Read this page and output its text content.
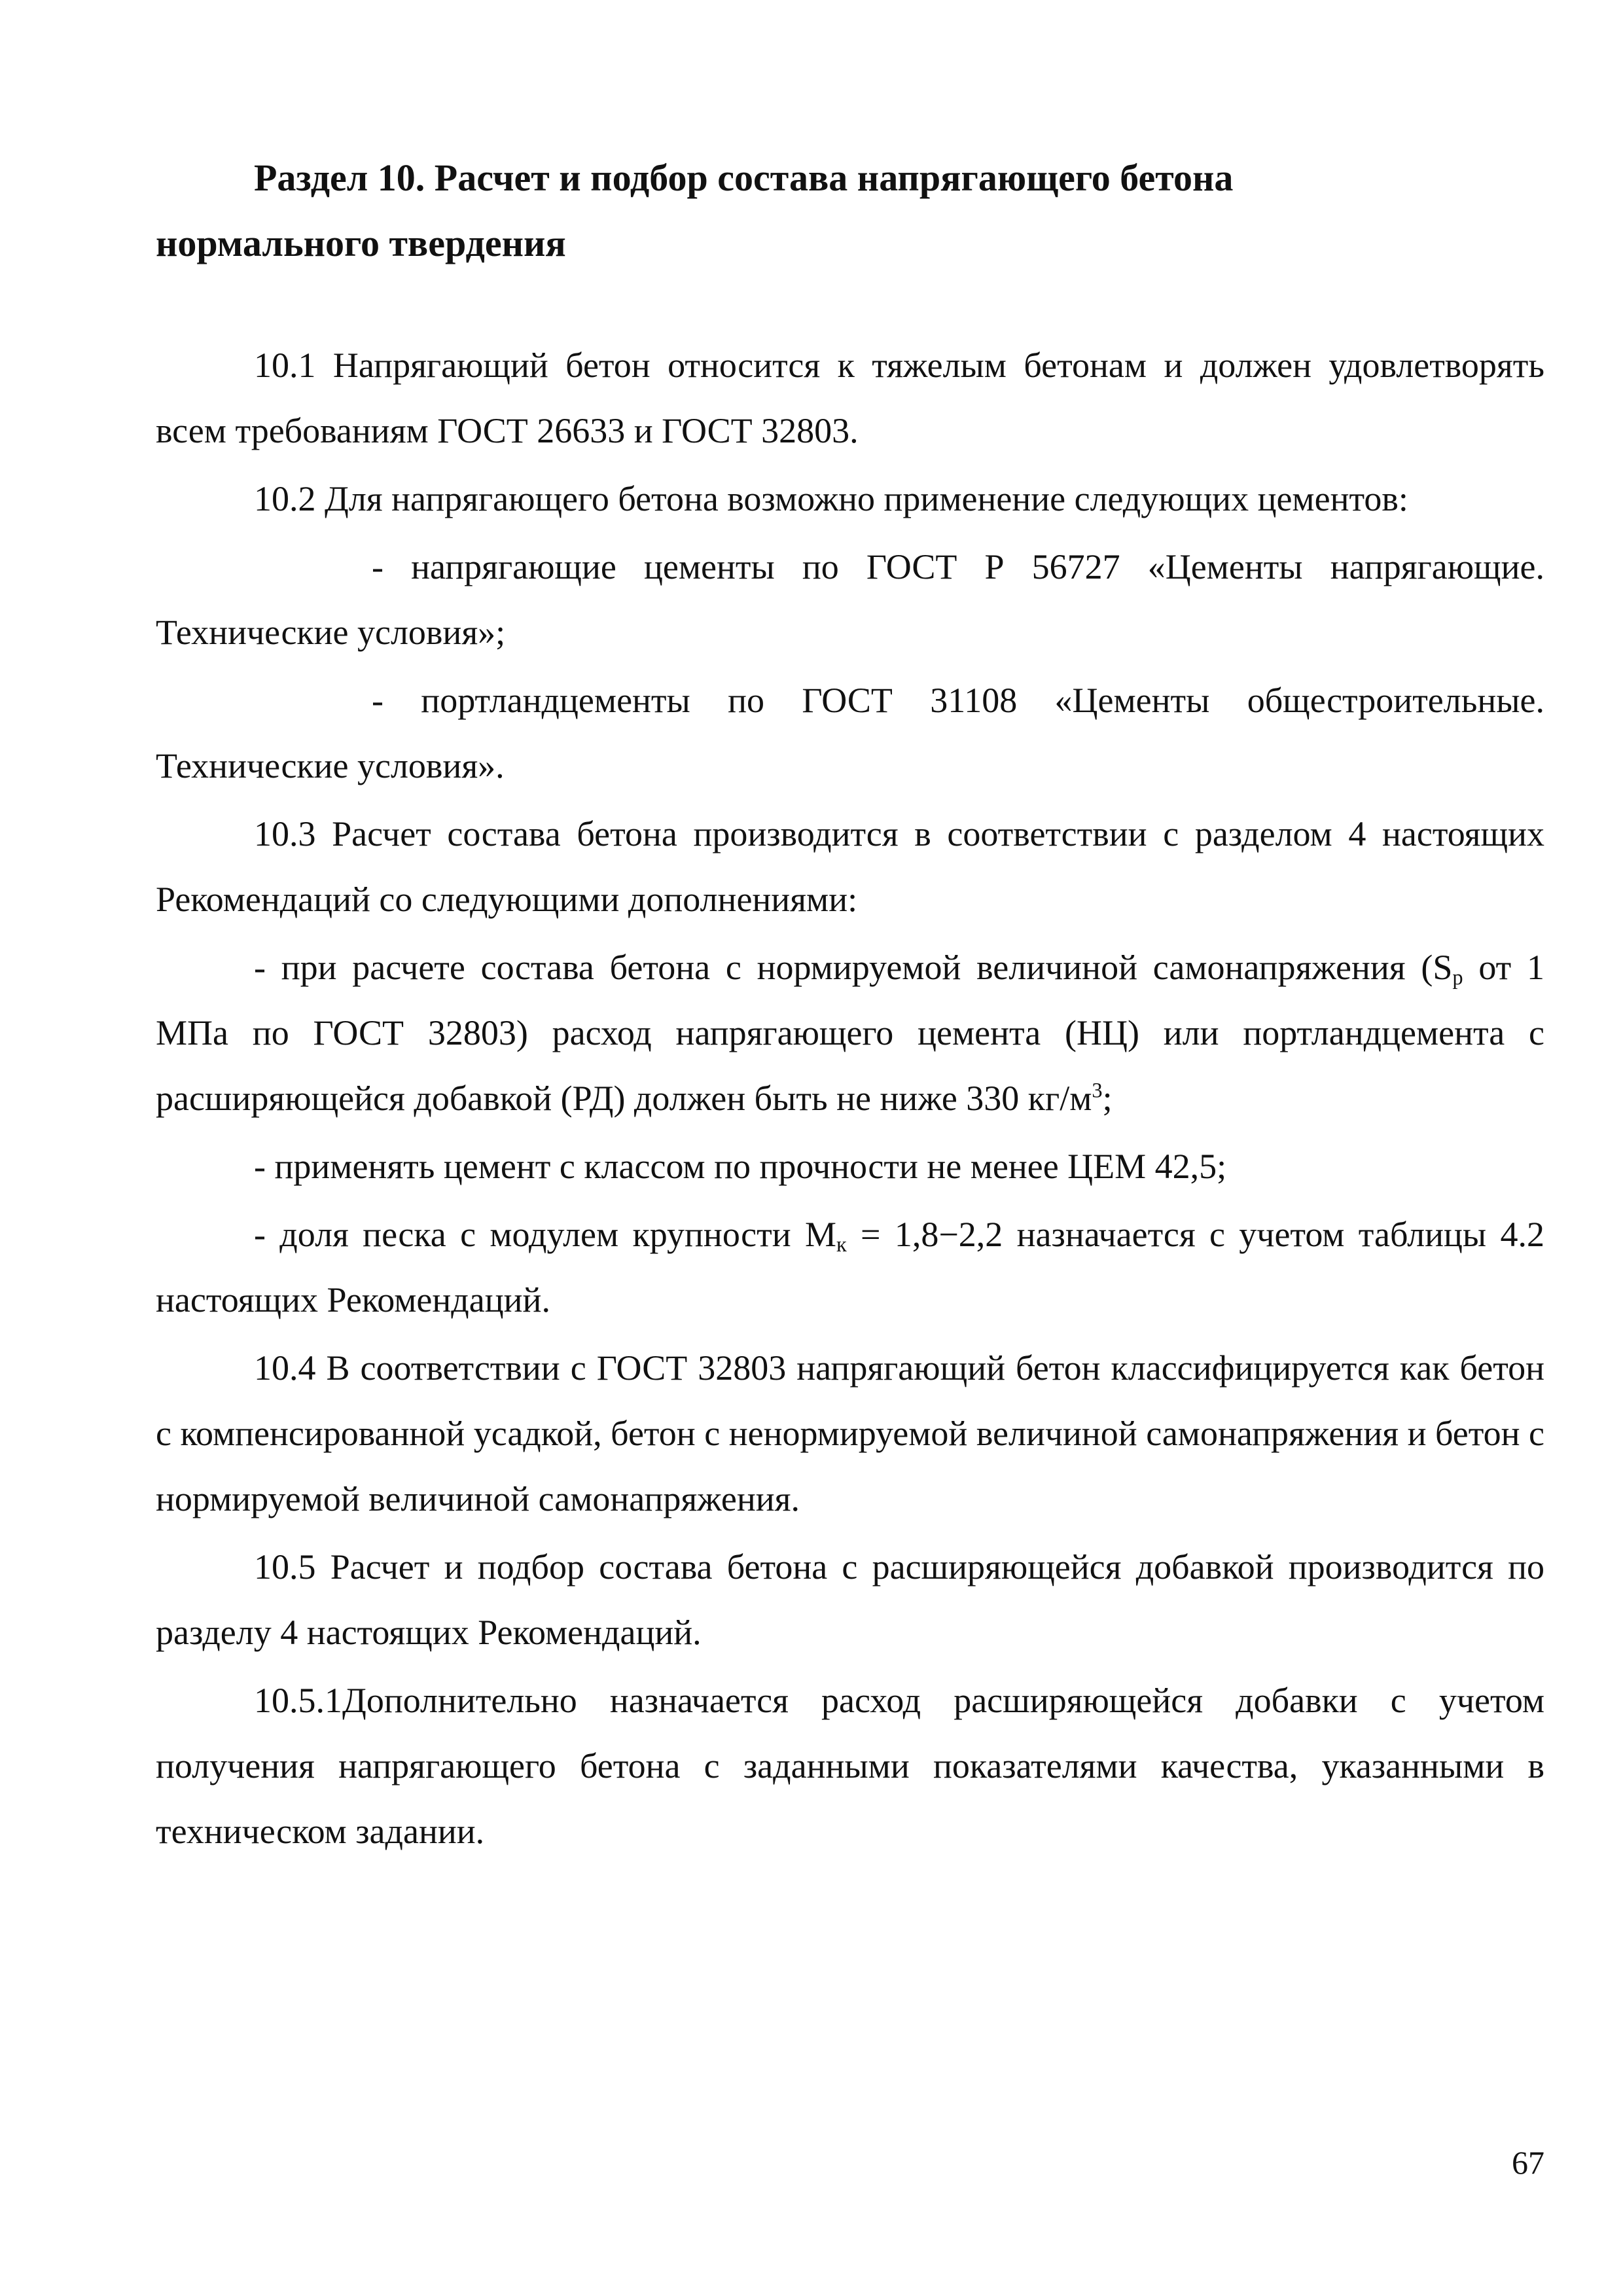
Раздел 10. Расчет и подбор состава напрягающего бетона
нормального твердения

10.1 Напрягающий бетон относится к тяжелым бетонам и должен удовлетворять всем требованиям ГОСТ 26633 и ГОСТ 32803.

10.2 Для напрягающего бетона возможно применение следующих цементов:

- напрягающие цементы по ГОСТ Р 56727 «Цементы напрягающие. Технические условия»;

- портландцементы по ГОСТ 31108 «Цементы общестроительные. Технические условия».

10.3 Расчет состава бетона производится в соответствии с разделом 4 настоящих Рекомендаций со следующими дополнениями:

- при расчете состава бетона с нормируемой величиной самонапряжения ($S_p$ от 1 МПа по ГОСТ 32803) расход напрягающего цемента (НЦ) или портландцемента с расширяющейся добавкой (РД) должен быть не ниже 330 $кг/м^3$;

- применять цемент с классом по прочности не менее ЦЕМ 42,5;

- доля песка с модулем крупности $М_к = 1,8-2,2$ назначается с учетом таблицы 4.2 настоящих Рекомендаций.

10.4 В соответствии с ГОСТ 32803 напрягающий бетон классифицируется как бетон с компенсированной усадкой, бетон с ненормируемой величиной самонапряжения и бетон с нормируемой величиной самонапряжения.

10.5 Расчет и подбор состава бетона с расширяющейся добавкой производится по разделу 4 настоящих Рекомендаций.

10.5.1Дополнительно назначается расход расширяющейся добавки с учетом получения напрягающего бетона с заданными показателями качества, указанными в техническом задании.

67
